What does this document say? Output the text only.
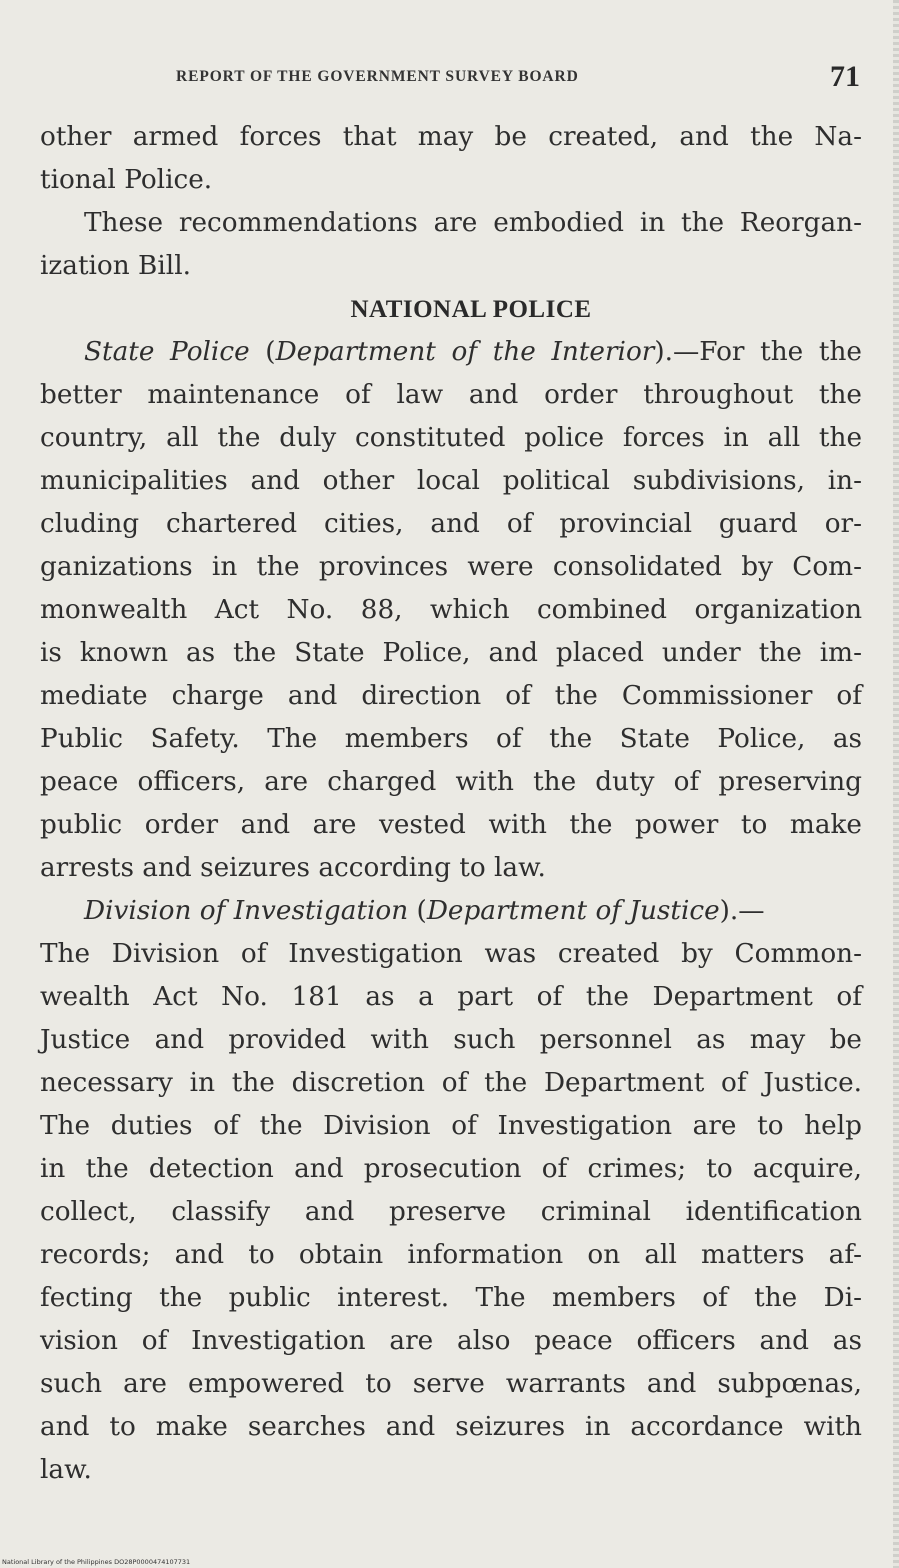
REPORT OF THE GOVERNMENT SURVEY BOARD	71
other armed forces that may be created, and the Na-
tional Police.
These recommendations are embodied in the Reorgan-
ization Bill.
NATIONAL POLICE
State Police (Department of the Interior).—For the the
better maintenance of law and order throughout the
country, all the duly constituted police forces in all the
municipalities and other local political subdivisions, in-
cluding chartered cities, and of provincial guard or-
ganizations in the provinces were consolidated by Com-
monwealth Act No. 88, which combined organization
is known as the State Police, and placed under the im-
mediate charge and direction of the Commissioner of
Public Safety. The members of the State Police, as
peace officers, are charged with the duty of preserving
public order and are vested with the power to make
arrests and seizures according to law.
Division of Investigation (Department of Justice).—
The Division of Investigation was created by Common-
wealth Act No. 181 as a part of the Department of
Justice and provided with such personnel as may be
necessary in the discretion of the Department of Justice.
The duties of the Division of Investigation are to help
in the detection and prosecution of crimes; to acquire,
collect, classify and preserve criminal identification
records; and to obtain information on all matters af-
fecting the public interest. The members of the Di-
vision of Investigation are also peace officers and as
such are empowered to serve warrants and subpœnas,
and to make searches and seizures in accordance with
law.
National Library of the Philippines DO28P0000474107731
